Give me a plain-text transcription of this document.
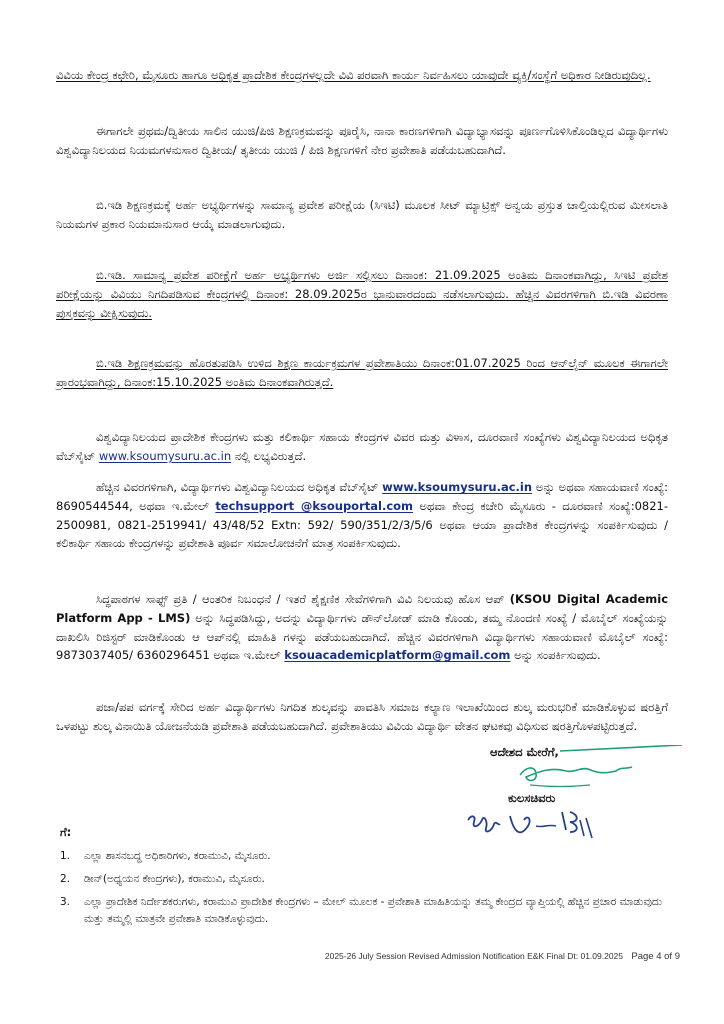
ವಿವಿಯ ಕೇಂದ್ರ ಕಛೇರಿ, ಮೈಸೂರು ಹಾಗೂ ಅಧಿಕೃತ ಪ್ರಾದೇಶಿಕ ಕೇಂದ್ರಗಳಲ್ಲದೇ ವಿವಿ ಪರವಾಗಿ ಕಾರ್ಯ ನಿರ್ವಹಿಸಲು ಯಾವುದೇ ವ್ಯಕ್ತಿ/ಸಂಸ್ಥೆಗೆ ಅಧಿಕಾರ ನೀಡಿರುವುದಿಲ್ಲ.

ಈಗಾಗಲೇ ಪ್ರಥಮ/ದ್ವಿತೀಯ ಸಾಲಿನ ಯುಜಿ/ಪಿಜಿ ಶಿಕ್ಷಣಕ್ರಮವನ್ನು ಪೂರೈಸಿ, ನಾನಾ ಕಾರಣಗಳಿಗಾಗಿ ವಿದ್ಯಾಭ್ಯಾಸವನ್ನು ಪೂರ್ಣಗೊಳಿಸಿಕೊಂಡಿಲ್ಲದ ವಿದ್ಯಾರ್ಥಿಗಳು ವಿಶ್ವವಿದ್ಯಾನಿಲಯದ ನಿಯಮಗಳನುಸಾರ ದ್ವಿತೀಯ/ ತೃತೀಯ ಯುಜಿ / ಪಿಜಿ ಶಿಕ್ಷಣಗಳಿಗೆ ನೇರ ಪ್ರವೇಶಾತಿ ಪಡೆಯಬಹುದಾಗಿದೆ.

ಬಿ.ಇಡಿ ಶಿಕ್ಷಣಕ್ರಮಕ್ಕೆ ಅರ್ಹ ಅಭ್ಯರ್ಥಿಗಳನ್ನು ಸಾಮಾನ್ಯ ಪ್ರವೇಶ ಪರೀಕ್ಷೆಯ (ಸಿಇಟಿ) ಮೂಲಕ ಸೀಟ್ ಮ್ಯಾಟ್ರಿಕ್ಸ್ ಅನ್ವಯ ಪ್ರಸ್ತುತ ಚಾಲ್ತಿಯಲ್ಲಿರುವ ಮೀಸಲಾತಿ ನಿಯಮಗಳ ಪ್ರಕಾರ ನಿಯಮಾನುಸಾರ ಆಯ್ಕೆ ಮಾಡಲಾಗುವುದು.

ಬಿ.ಇಡಿ. ಸಾಮಾನ್ಯ ಪ್ರವೇಶ ಪರೀಕ್ಷೆಗೆ ಅರ್ಹ ಅಭ್ಯರ್ಥಿಗಳು ಅರ್ಜಿ ಸಲ್ಲಿಸಲು ದಿನಾಂಕ: 21.09.2025 ಅಂತಿಮ ದಿನಾಂಕವಾಗಿದ್ದು, ಸಿಇಟಿ ಪ್ರವೇಶ ಪರೀಕ್ಷೆಯನ್ನು ವಿವಿಯು ನಿಗದಿಪಡಿಸುವ ಕೇಂದ್ರಗಳಲ್ಲಿ ದಿನಾಂಕ: 28.09.2025ರ ಭಾನುವಾರದಂದು ನಡೆಸಲಾಗುವುದು. ಹೆಚ್ಚಿನ ವಿವರಗಳಿಗಾಗಿ ಬಿ.ಇಡಿ ವಿವರಣಾ ಪುಸ್ತಕವನ್ನು ವೀಕ್ಷಿಸುವುದು.

ಬಿ.ಇಡಿ ಶಿಕ್ಷಣಕ್ರಮವನ್ನು ಹೊರತುಪಡಿಸಿ ಉಳಿದ ಶಿಕ್ಷಣ ಕಾರ್ಯಕ್ರಮಗಳ ಪ್ರವೇಶಾತಿಯು ದಿನಾಂಕ:01.07.2025 ರಿಂದ ಆನ್‌ಲೈನ್ ಮೂಲಕ ಈಗಾಗಲೇ ಪ್ರಾರಂಭವಾಗಿದ್ದು, ದಿನಾಂಕ:15.10.2025 ಅಂತಿಮ ದಿನಾಂಕವಾಗಿರುತ್ತದೆ.

ವಿಶ್ವವಿದ್ಯಾನಿಲಯದ ಪ್ರಾದೇಶಿಕ ಕೇಂದ್ರಗಳು ಮತ್ತು ಕಲಿಕಾರ್ಥಿ ಸಹಾಯ ಕೇಂದ್ರಗಳ ವಿವರ ಮತ್ತು ವಿಳಾಸ, ದೂರವಾಣಿ ಸಂಖ್ಯೆಗಳು ವಿಶ್ವವಿದ್ಯಾನಿಲಯದ ಅಧಿಕೃತ ವೆಬ್‌ಸೈಟ್ www.ksoumysuru.ac.in ನಲ್ಲಿ ಲಭ್ಯವಿರುತ್ತದೆ.

ಹೆಚ್ಚಿನ ವಿವರಗಳಿಗಾಗಿ, ವಿದ್ಯಾರ್ಥಿಗಳು ವಿಶ್ವವಿದ್ಯಾನಿಲಯದ ಅಧಿಕೃತ ವೆಬ್‌ಸೈಟ್ www.ksoumysuru.ac.in ಅನ್ನು ಅಥವಾ ಸಹಾಯವಾಣಿ ಸಂಖ್ಯೆ: 8690544544, ಅಥವಾ ಇ.ಮೇಲ್ techsupport @ksouportal.com ಅಥವಾ ಕೇಂದ್ರ ಕಚೇರಿ ಮೈಸೂರು - ದೂರವಾಣಿ ಸಂಖ್ಯೆ:0821-2500981, 0821-2519941/ 43/48/52 Extn: 592/ 590/351/2/3/5/6 ಅಥವಾ ಆಯಾ ಪ್ರಾದೇಶಿಕ ಕೇಂದ್ರಗಳನ್ನು ಸಂಪರ್ಕಿಸುವುದು / ಕಲಿಕಾರ್ಥಿ ಸಹಾಯ ಕೇಂದ್ರಗಳನ್ನು ಪ್ರವೇಶಾತಿ ಪೂರ್ವ ಸಮಾಲೋಚನೆಗೆ ಮಾತ್ರ ಸಂಪರ್ಕಿಸುವುದು.

ಸಿದ್ಧಪಾಠಗಳ ಸಾಫ್ಟ್ ಪ್ರತಿ / ಆಂತರಿಕ ನಿಬಂಧನೆ / ಇತರೆ ಶೈಕ್ಷಣಿಕ ಸೇವೆಗಳಿಗಾಗಿ ವಿವಿ ನಿಲಯವು ಹೊಸ ಆಪ್ (KSOU Digital Academic Platform App - LMS) ಅನ್ನು ಸಿದ್ಧಪಡಿಸಿದ್ದು, ಅದನ್ನು ವಿದ್ಯಾರ್ಥಿಗಳು ಡೌನ್‌ಲೋಡ್ ಮಾಡಿ ಕೊಂಡು, ತಮ್ಮ ನೊಂದಣಿ ಸಂಖ್ಯೆ / ಮೊಬೈಲ್ ಸಂಖ್ಯೆಯನ್ನು ದಾಖಲಿಸಿ ರಿಜಿಸ್ಟರ್ ಮಾಡಿಕೊಂಡು ಆ ಆಪ್‌ನಲ್ಲಿ ಮಾಹಿತಿ ಗಳನ್ನು ಪಡೆಯಬಹುದಾಗಿದೆ. ಹೆಚ್ಚಿನ ವಿವರಗಳಿಗಾಗಿ ವಿದ್ಯಾರ್ಥಿಗಳು ಸಹಾಯವಾಣಿ ಮೊಬೈಲ್ ಸಂಖ್ಯೆ: 9873037405/ 6360296451 ಅಥವಾ ಇ.ಮೇಲ್ ksouacademicplatform@gmail.com ಅನ್ನು ಸಂಪರ್ಕಿಸುವುದು.

ಪಜಾ/ಪಪ ವರ್ಗಕ್ಕೆ ಸೇರಿದ ಅರ್ಹ ವಿದ್ಯಾರ್ಥಿಗಳು ನಿಗದಿತ ಶುಲ್ಕವನ್ನು ಪಾವತಿಸಿ ಸಮಾಜ ಕಲ್ಯಾಣ ಇಲಾಖೆಯಿಂದ ಶುಲ್ಕ ಮರುಭರಿಕೆ ಮಾಡಿಕೊಳ್ಳುವ ಷರತ್ತಿಗೆ ಒಳಪಟ್ಟು ಶುಲ್ಕ ವಿನಾಯಿತಿ ಯೋಜನೆಯಡಿ ಪ್ರವೇಶಾತಿ ಪಡೆಯಬಹುದಾಗಿದೆ. ಪ್ರವೇಶಾತಿಯು ವಿವಿಯ ವಿದ್ಯಾರ್ಥಿ ವೇತನ ಘಟಕವು ವಿಧಿಸುವ ಷರತ್ತಿಗೊಳಪಟ್ಟಿರುತ್ತದೆ.

ಆದೇಶದ ಮೇರೆಗೆ,
ಕುಲಸಚಿವರು
ಗೆ:
1. ಎಲ್ಲಾ ಶಾಸನಬದ್ಧ ಅಧಿಕಾರಿಗಳು, ಕರಾಮುವಿ, ಮೈಸೂರು.
2. ಡೀನ್(ಅಧ್ಯಯನ ಕೇಂದ್ರಗಳು), ಕರಾಮುವಿ, ಮೈಸೂರು.
3. ಎಲ್ಲಾ ಪ್ರಾದೇಶಿಕ ನಿರ್ದೇಶಕರುಗಳು, ಕರಾಮುವಿ ಪ್ರಾದೇಶಿಕ ಕೇಂದ್ರಗಳು – ಮೇಲ್ ಮೂಲಕ - ಪ್ರವೇಶಾತಿ ಮಾಹಿತಿಯನ್ನು ತಮ್ಮ ಕೇಂದ್ರದ ವ್ಯಾಪ್ತಿಯಲ್ಲಿ ಹೆಚ್ಚಿನ ಪ್ರಚಾರ ಮಾಡುವುದು ಮತ್ತು ತಮ್ಮಲ್ಲಿ ಮಾತ್ರವೇ ಪ್ರವೇಶಾತಿ ಮಾಡಿಕೊಳ್ಳುವುದು.
2025-26 July Session Revised Admission Notification E&K Final Dt: 01.09.2025 Page 4 of 9
